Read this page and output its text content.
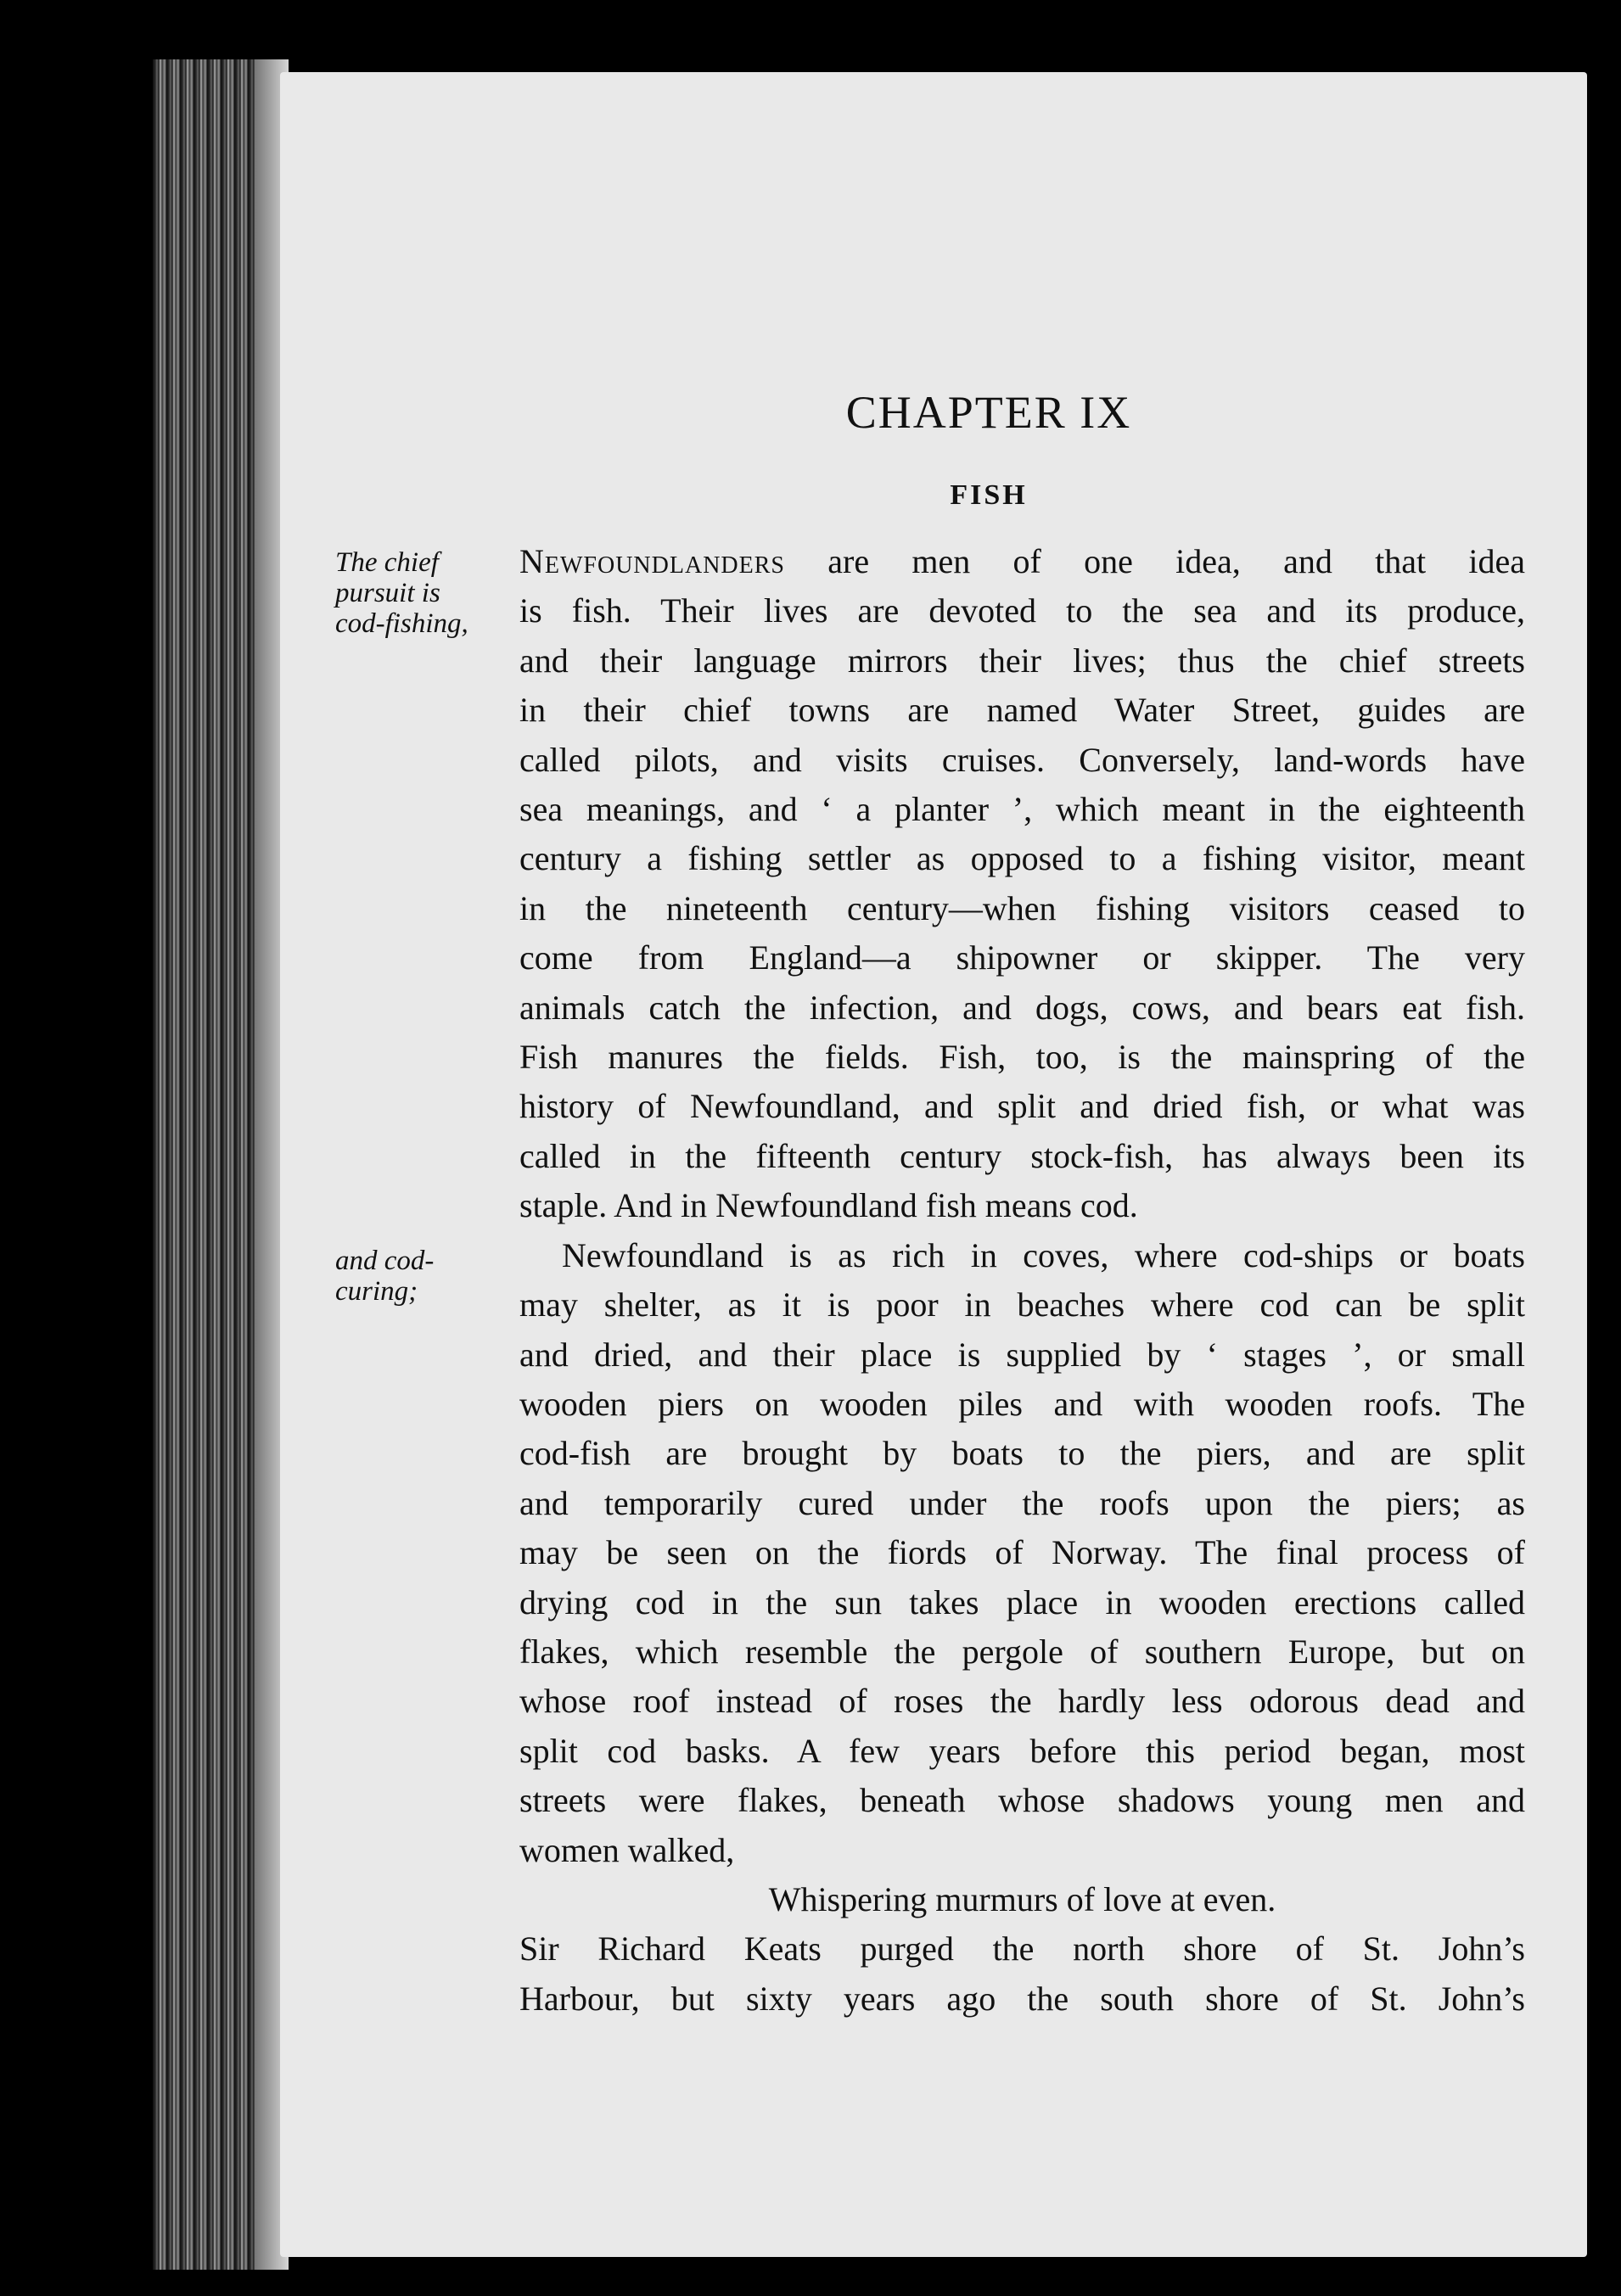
CHAPTER IX
FISH
The chief
pursuit is
cod-fishing,
and cod-
curing;
Newfoundlanders are men of one idea, and that idea
is fish. Their lives are devoted to the sea and its produce,
and their language mirrors their lives; thus the chief streets
in their chief towns are named Water Street, guides are
called pilots, and visits cruises. Conversely, land-words have
sea meanings, and ‘ a planter ’, which meant in the eighteenth
century a fishing settler as opposed to a fishing visitor, meant
in the nineteenth century—when fishing visitors ceased to
come from England—a shipowner or skipper. The very
animals catch the infection, and dogs, cows, and bears eat fish.
Fish manures the fields. Fish, too, is the mainspring of the
history of Newfoundland, and split and dried fish, or what was
called in the fifteenth century stock-fish, has always been its
staple. And in Newfoundland fish means cod.
Newfoundland is as rich in coves, where cod-ships or boats
may shelter, as it is poor in beaches where cod can be split
and dried, and their place is supplied by ‘ stages ’, or small
wooden piers on wooden piles and with wooden roofs. The
cod-fish are brought by boats to the piers, and are split
and temporarily cured under the roofs upon the piers; as
may be seen on the fiords of Norway. The final process of
drying cod in the sun takes place in wooden erections called
flakes, which resemble the pergole of southern Europe, but on
whose roof instead of roses the hardly less odorous dead and
split cod basks. A few years before this period began, most
streets were flakes, beneath whose shadows young men and
women walked,
Whispering murmurs of love at even.
Sir Richard Keats purged the north shore of St. John’s
Harbour, but sixty years ago the south shore of St. John’s
